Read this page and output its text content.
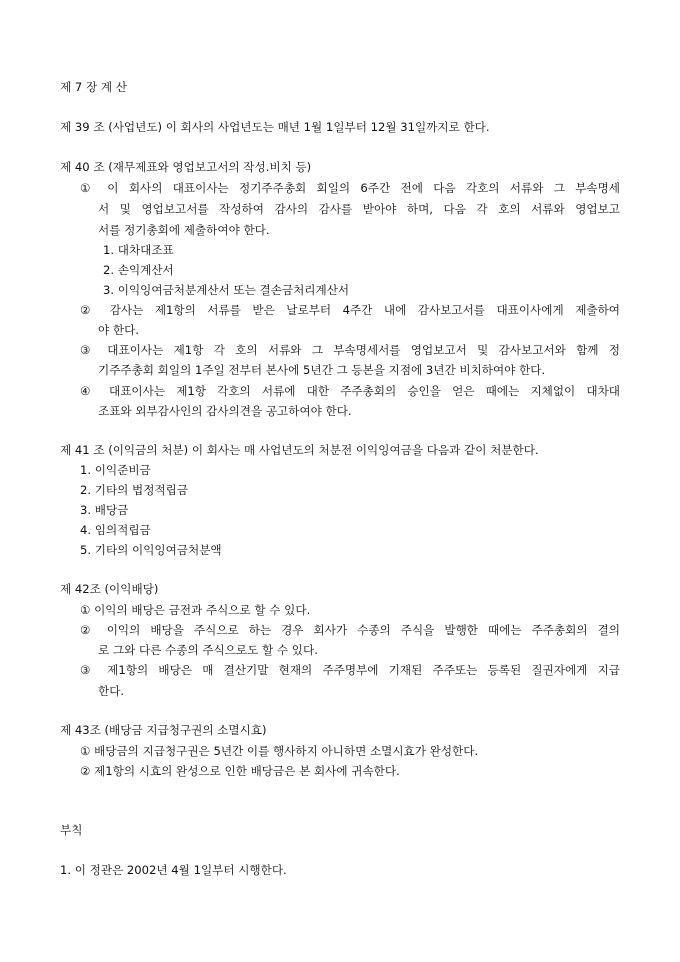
제 7 장 계 산
제 39 조 (사업년도) 이 회사의 사업년도는 매년 1월 1일부터 12월 31일까지로 한다.
제 40 조 (재무제표와 영업보고서의 작성.비치 등)
① 이 회사의 대표이사는 정기주주총회 회일의 6주간 전에 다음 각호의 서류와 그 부속명세
서 및 영업보고서를 작성하여 감사의 감사를 받아야 하며, 다음 각 호의 서류와 영업보고
서를 정기총회에 제출하여야 한다.
1. 대차대조표
2. 손익계산서
3. 이익잉여금처분계산서 또는 결손금처리계산서
② 감사는 제1항의 서류를 받은 날로부터 4주간 내에 감사보고서를 대표이사에게 제출하여
야 한다.
③ 대표이사는 제1항 각 호의 서류와 그 부속명세서를 영업보고서 및 감사보고서와 함께 정
기주주총회 회일의 1주일 전부터 본사에 5년간 그 등본을 지점에 3년간 비치하여야 한다.
④ 대표이사는 제1항 각호의 서류에 대한 주주총회의 승인을 얻은 때에는 지체없이 대차대
조표와 외부감사인의 감사의견을 공고하여야 한다.
제 41 조 (이익금의 처분) 이 회사는 매 사업년도의 처분전 이익잉여금을 다음과 같이 처분한다.
1. 이익준비금
2. 기타의 법정적립금
3. 배당금
4. 임의적립금
5. 기타의 이익잉여금처분액
제 42조 (이익배당)
① 이익의 배당은 금전과 주식으로 할 수 있다.
② 이익의 배당을 주식으로 하는 경우 회사가 수종의 주식을 발행한 때에는 주주총회의 결의
로 그와 다른 수종의 주식으로도 할 수 있다.
③ 제1항의 배당은 매 결산기말 현재의 주주명부에 기재된 주주또는 등록된 질권자에게 지급
한다.
제 43조 (배당금 지급청구권의 소멸시효)
① 배당금의 지급청구권은 5년간 이를 행사하지 아니하면 소멸시효가 완성한다.
② 제1항의 시효의 완성으로 인한 배당금은 본 회사에 귀속한다.
부칙
1. 이 정관은 2002년 4월 1일부터 시행한다.
